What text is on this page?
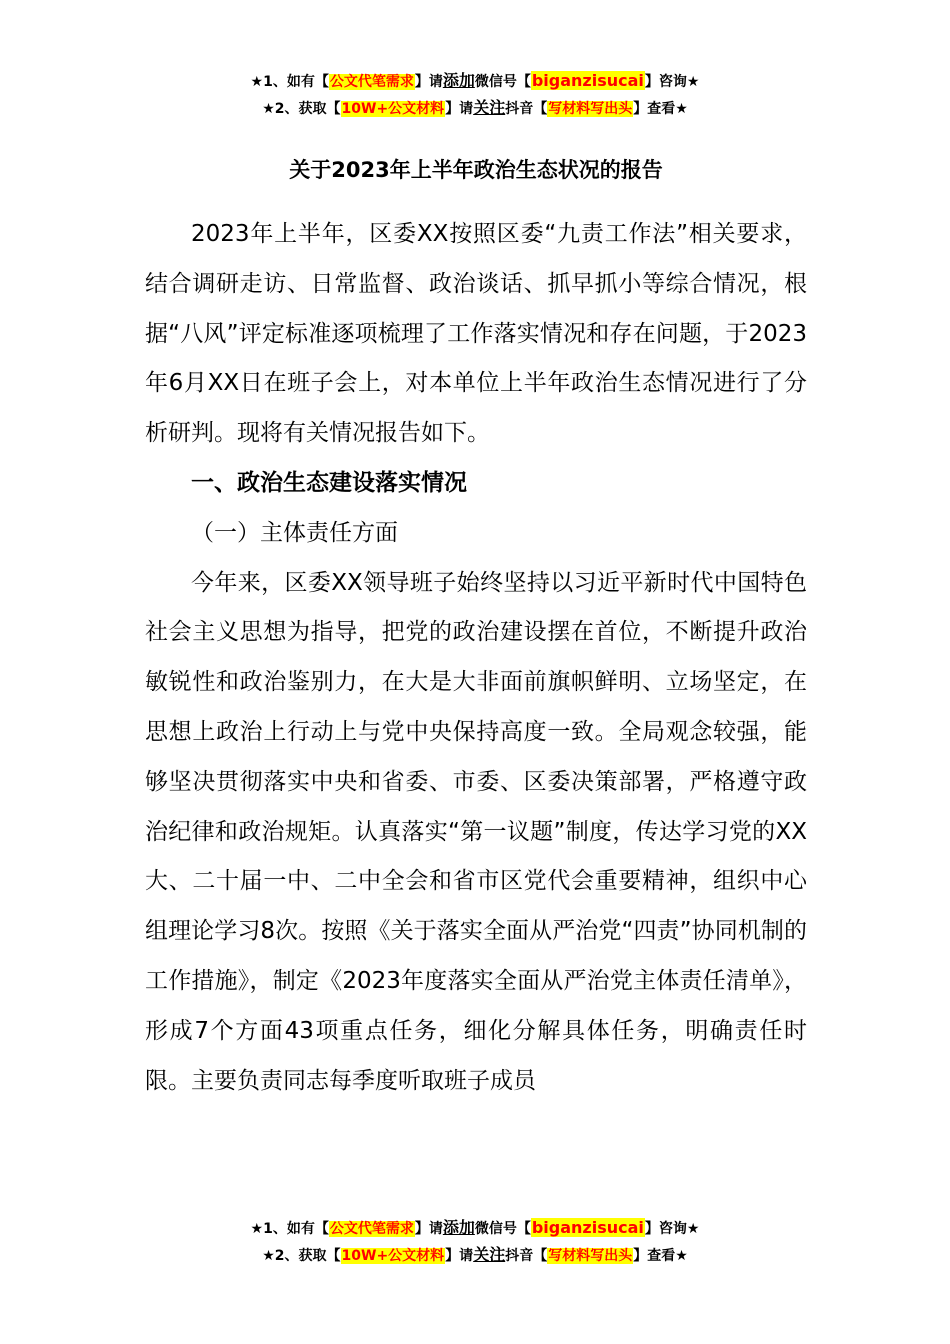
★1、如有【公文代笔需求】请添加微信号【biganzisucai】咨询★
★2、获取【10W+公文材料】请关注抖音【写材料写出头】查看★
关于2023年上半年政治生态状况的报告

2023年上半年，区委XX按照区委“九责工作法”相关要求，结合调研走访、日常监督、政治谈话、抓早抓小等综合情况，根据“八风”评定标准逐项梳理了工作落实情况和存在问题，于2023年6月XX日在班子会上，对本单位上半年政治生态情况进行了分析研判。现将有关情况报告如下。

一、政治生态建设落实情况

（一）主体责任方面

今年来，区委XX领导班子始终坚持以习近平新时代中国特色社会主义思想为指导，把党的政治建设摆在首位，不断提升政治敏锐性和政治鉴别力，在大是大非面前旗帜鲜明、立场坚定，在思想上政治上行动上与党中央保持高度一致。全局观念较强，能够坚决贯彻落实中央和省委、市委、区委决策部署，严格遵守政治纪律和政治规矩。认真落实“第一议题”制度，传达学习党的XX大、二十届一中、二中全会和省市区党代会重要精神，组织中心组理论学习8次。按照《关于落实全面从严治党“四责”协同机制的工作措施》，制定《2023年度落实全面从严治党主体责任清单》，形成7个方面43项重点任务，细化分解具体任务，明确责任时限。主要负责同志每季度听取班子成员

★1、如有【公文代笔需求】请添加微信号【biganzisucai】咨询★
★2、获取【10W+公文材料】请关注抖音【写材料写出头】查看★
